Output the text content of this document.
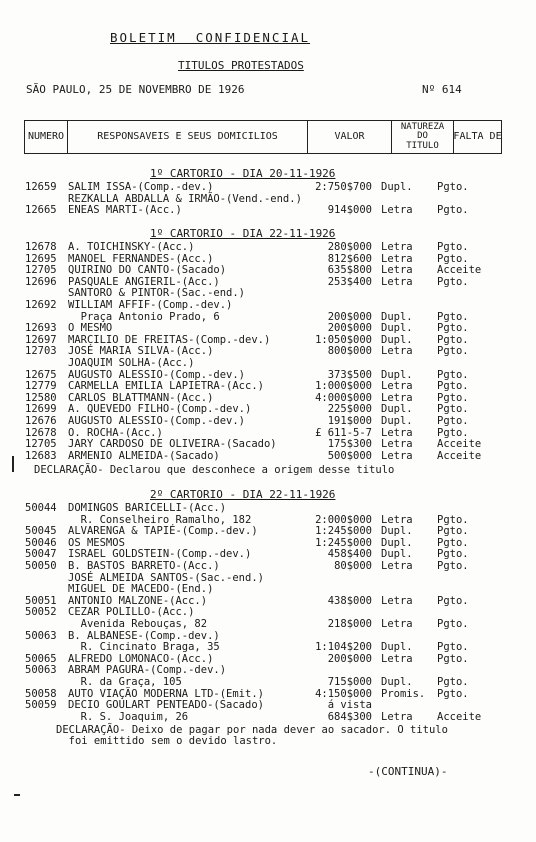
BOLETIM  CONFIDENCIAL
TITULOS PROTESTADOS
SÃO PAULO, 25 DE NOVEMBRO DE 1926	Nº 614
NUMERO	RESPONSAVEIS E SEUS DOMICILIOS	VALOR
NATUREZA
DO
TITULO
FALTA DE
1º CARTORIO - DIA 20-11-1926
12659 SALIM ISSA-(Comp.-dev.)	2:750$700 Dupl. Pgto.
REZKALLA ABDALLA & IRMÃO-(Vend.-end.)
12665 ENEAS MARTI-(Acc.)	914$000 Letra Pgto.
1º CARTORIO - DIA 22-11-1926
12678 A. TOICHINSKY-(Acc.)	280$000 Letra Pgto.
12695 MANOEL FERNANDES-(Acc.)	812$600 Letra Pgto.
12705 QUIRINO DO CANTO-(Sacado)	635$800 Letra Acceite
12696 PASQUALE ANGIERIL-(Acc.)	253$400 Letra Pgto.
SANTORO & PINTOR-(Sac.-end.)
12692 WILLIAM AFFIF-(Comp.-dev.)
Praça Antonio Prado, 6	200$000 Dupl. Pgto.
12693 O MESMO	200$000 Dupl. Pgto.
12697 MARCILIO DE FREITAS-(Comp.-dev.)	1:050$000 Dupl. Pgto.
12703 JOSÉ MARIA SILVA-(Acc.)	800$000 Letra Pgto.
JOAQUIM SOLHA-(Acc.)
12675 AUGUSTO ALESSIO-(Comp.-dev.)	373$500 Dupl. Pgto.
12779 CARMELLA EMILIA LAPIETRA-(Acc.)	1:000$000 Letra Pgto.
12580 CARLOS BLATTMANN-(Acc.)	4:000$000 Letra Pgto.
12699 A. QUEVEDO FILHO-(Comp.-dev.)	225$000 Dupl. Pgto.
12676 AUGUSTO ALESSIO-(Comp.-dev.)	191$000 Dupl. Pgto.
12678 O. ROCHA-(Acc.)	£ 611-5-7 Letra Pgto.
12705 JARY CARDOSO DE OLIVEIRA-(Sacado)	175$300 Letra Acceite
12683 ARMENIO ALMEIDA-(Sacado)	500$000 Letra Acceite
DECLARAÇÃO- Declarou que desconhece a origem desse titulo
2º CARTORIO - DIA 22-11-1926
50044 DOMINGOS BARICELLI-(Acc.)
R. Conselheiro Ramalho, 182	2:000$000 Letra Pgto.
50045 ALVARENGA & TAPIÉ-(Comp.-dev.)	1:245$000 Dupl. Pgto.
50046 OS MESMOS	1:245$000 Dupl. Pgto.
50047 ISRAEL GOLDSTEIN-(Comp.-dev.)	458$400 Dupl. Pgto.
50050 B. BASTOS BARRETO-(Acc.)	80$000 Letra Pgto.
JOSÉ ALMEIDA SANTOS-(Sac.-end.)
MIGUEL DE MACEDO-(End.)
50051 ANTONIO MALZONE-(Acc.)	438$000 Letra Pgto.
50052 CEZAR POLILLO-(Acc.)
Avenida Rebouças, 82	218$000 Letra Pgto.
50063 B. ALBANESE-(Comp.-dev.)
R. Cincinato Braga, 35	1:104$200 Dupl. Pgto.
50065 ALFREDO LOMONACO-(Acc.)	200$000 Letra Pgto.
50063 ABRAM PAGURA-(Comp.-dev.)
R. da Graça, 105	715$000 Dupl. Pgto.
50058 AUTO VIAÇÃO MODERNA LTD-(Emit.)	4:150$000 Promis. Pgto.
50059 DECIO GOULART PENTEADO-(Sacado)	á vista
R. S. Joaquim, 26	684$300 Letra Acceite
DECLARAÇÃO- Deixo de pagar por nada dever ao sacador. O titulo
foi emittido sem o devido lastro.
-(CONTINUA)-
